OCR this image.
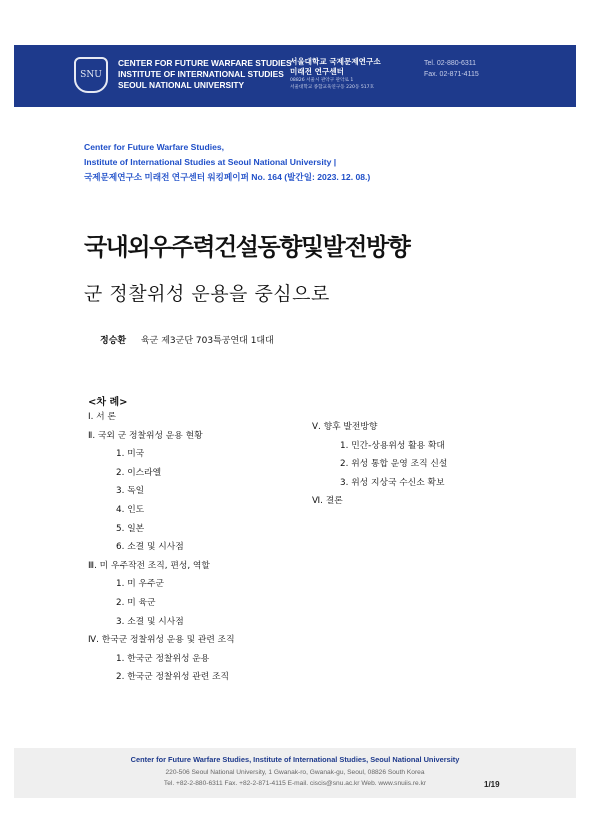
SNU
CENTER FOR FUTURE WARFARE STUDIES
INSTITUTE OF INTERNATIONAL STUDIES
SEOUL NATIONAL UNIVERSITY
서울대학교 국제문제연구소
미래전 연구센터
08826 서울시 관악구 관악로 1
서울대학교 종합교육연구동 220동 517호
Tel. 02-880-6311
Fax. 02-871-4115
Center for Future Warfare Studies,
Institute of International Studies at Seoul National University |
국제문제연구소 미래전 연구센터 워킹페이퍼 No. 164 (발간일: 2023. 12. 08.)
국내외우주력건설동향및발전방향
군 정찰위성 운용을 중심으로
정승환 육군 제3군단 703특공연대 1대대
<차 례>
Ⅰ. 서 론
Ⅱ. 국외 군 정찰위성 운용 현황
1. 미국
2. 이스라엘
3. 독일
4. 인도
5. 일본
6. 소결 및 시사점
Ⅲ. 미 우주작전 조직, 편성, 역할
1. 미 우주군
2. 미 육군
3. 소결 및 시사점
Ⅳ. 한국군 정찰위성 운용 및 관련 조직
1. 한국군 정찰위성 운용
2. 한국군 정찰위성 관련 조직
Ⅴ. 향후 발전방향
1. 민간-상용위성 활용 확대
2. 위성 통합 운영 조직 신설
3. 위성 지상국 수신소 확보
Ⅵ. 결론
Center for Future Warfare Studies, Institute of International Studies, Seoul National University
220-506 Seoul National University, 1 Gwanak-ro, Gwanak-gu, Seoul, 08826 South Korea
Tel. +82-2-880-6311 Fax. +82-2-871-4115 E-mail. ciscis@snu.ac.kr Web. www.snuiis.re.kr	1/19
